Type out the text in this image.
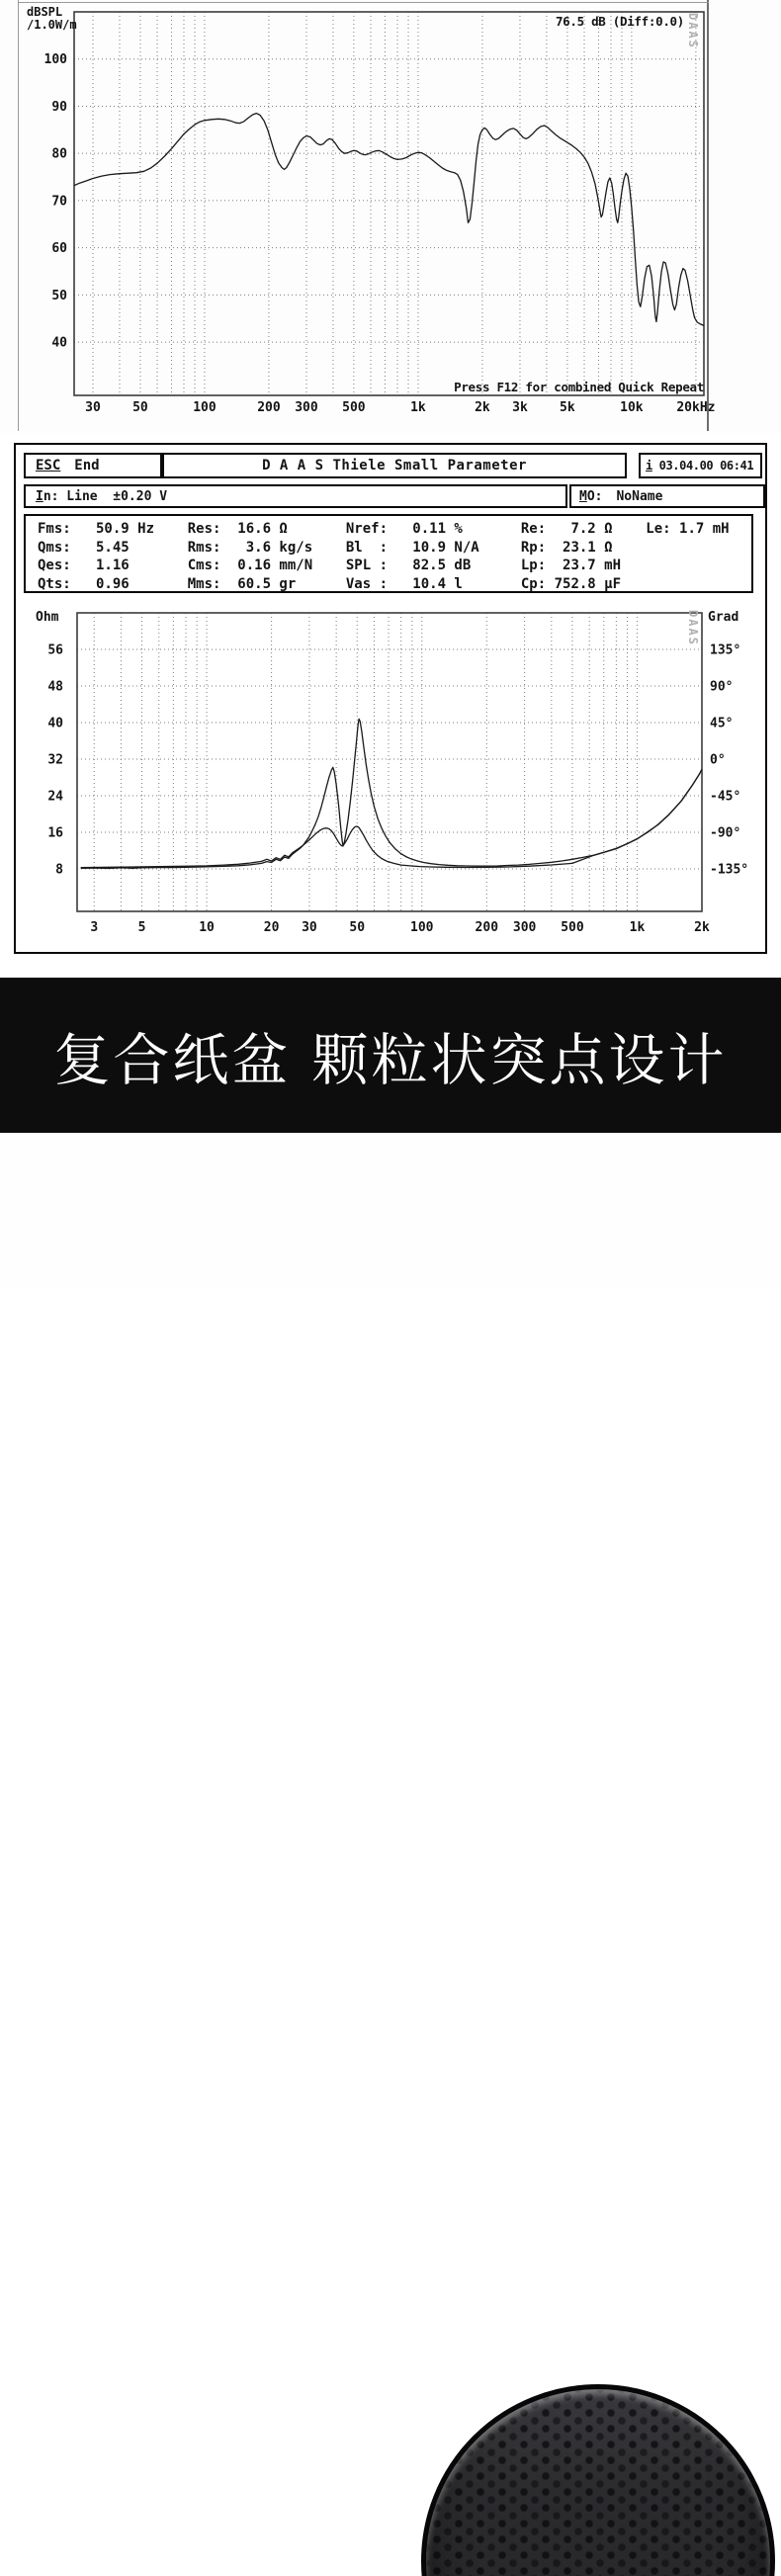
30 50	100	200 300 500	1k	2k 3k 5k	10k	20kHz
100
90
80
70
60
50
40
dBSPL
/1.0W/m	76.5 dB (Diff:0.0) DAAS
Press F12 for combined Quick Repeat
ESC End	D A A S Thiele Small Parameter	i 03.04.00 06:41
I n: Line  ±0.20 V	M O: NoName
Fms:   50.9 Hz    Res:  16.6 Ω       Nref:   0.11 %       Re:   7.2 Ω    Le: 1.7 mH
Qms:   5.45       Rms:   3.6 kg/s    Bl  :   10.9 N/A     Rp:  23.1 Ω
Qes:   1.16       Cms:  0.16 mm/N    SPL :   82.5 dB      Lp:  23.7 mH
Qts:   0.96       Mms:  60.5 gr      Vas :   10.4 l       Cp: 752.8 µF
3	5	10	20 30	50	100	200 300 500	1k	2k
56
48
40
32
24
16
8
135°
90°
45°
0°
-45°
-90°
-135°
Ohm	Grad
DAAS
复合纸盆 颗粒状突点设计
